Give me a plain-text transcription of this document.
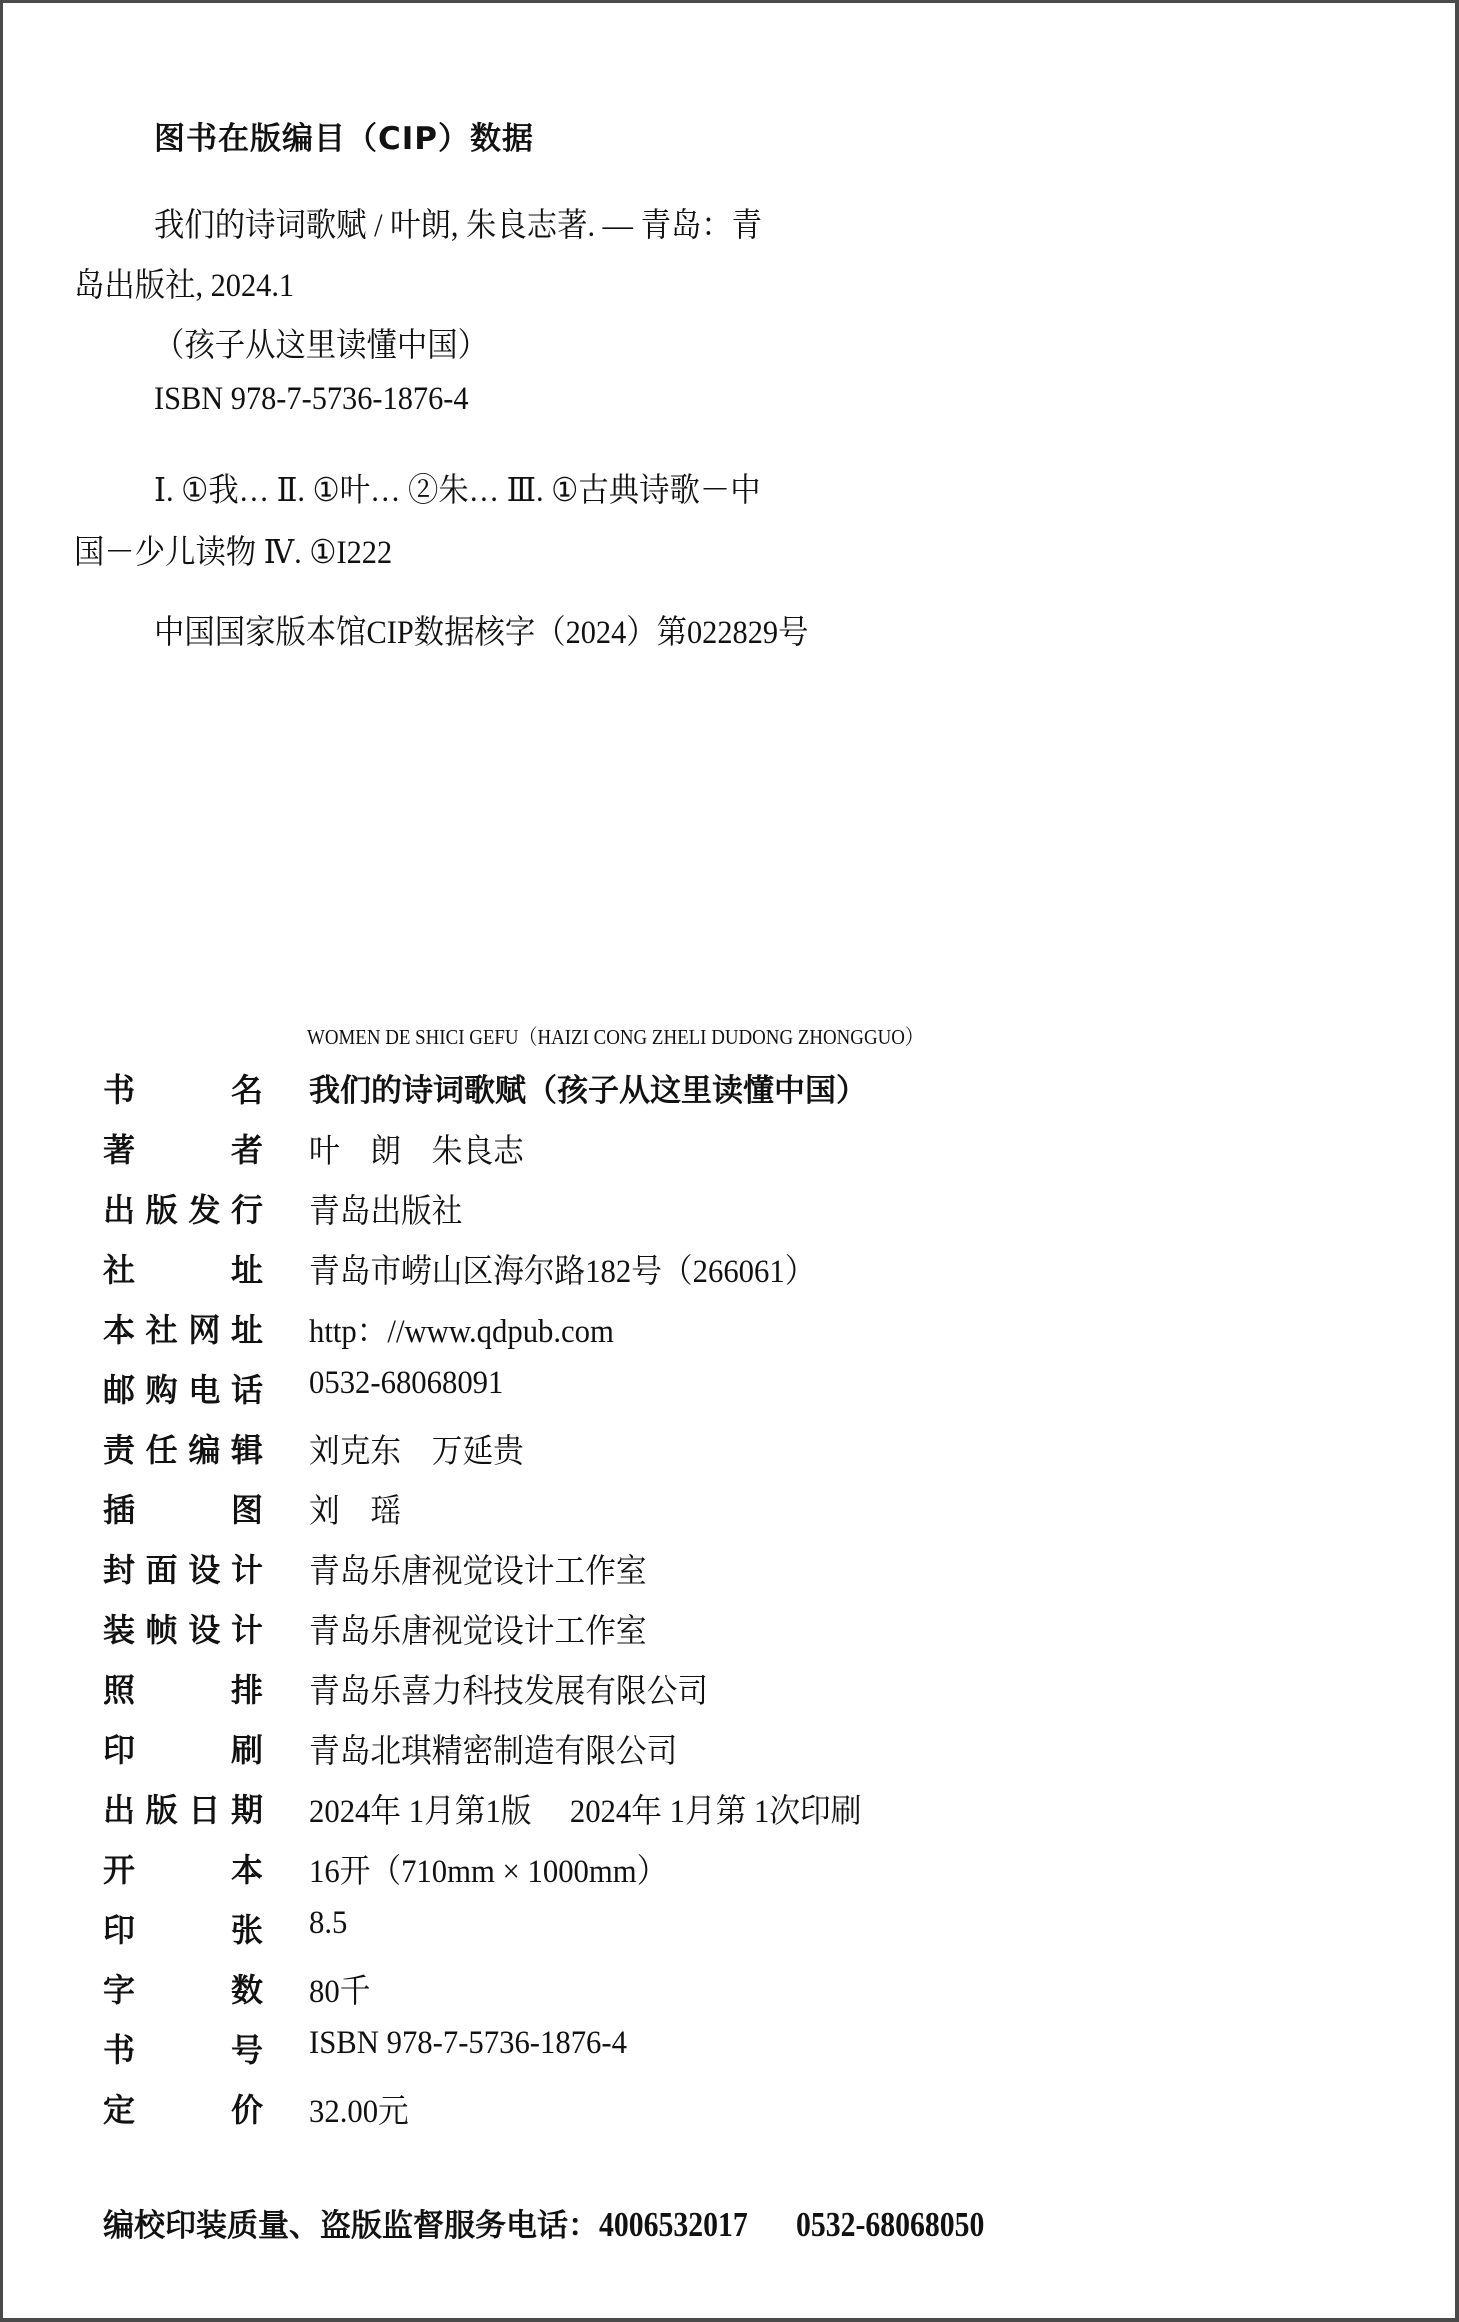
图书在版编目（CIP）数据
我们的诗词歌赋 / 叶朗, 朱良志著. — 青岛：青
岛出版社, 2024.1
（孩子从这里读懂中国）
ISBN 978-7-5736-1876-4
Ⅰ. ①我… Ⅱ. ①叶… ②朱… Ⅲ. ①古典诗歌－中
国－少儿读物 Ⅳ. ①I222
中国国家版本馆CIP数据核字（2024）第022829号
WOMEN DE SHICI GEFU（HAIZI CONG ZHELI DUDONG ZHONGGUO）
书	名 我们的诗词歌赋（孩子从这里读懂中国）
著	者 叶　朗　朱良志
出 版 发 行 青岛出版社
社	址 青岛市崂山区海尔路182号（266061）
本 社 网 址 http：//www.qdpub.com
邮 购 电 话 0532-68068091
责 任 编 辑 刘克东　万延贵
插	图 刘　瑶
封 面 设 计 青岛乐唐视觉设计工作室
装 帧 设 计 青岛乐唐视觉设计工作室
照	排 青岛乐喜力科技发展有限公司
印	刷 青岛北琪精密制造有限公司
出 版 日 期 2024年 1月第1版　 2024年 1月第 1次印刷
开	本 16开（710mm × 1000mm）
印	张 8.5
字	数 80千
书	号 ISBN 978-7-5736-1876-4
定	价 32.00元
编校印装质量、盗版监督服务电话：4006532017 0532-68068050
